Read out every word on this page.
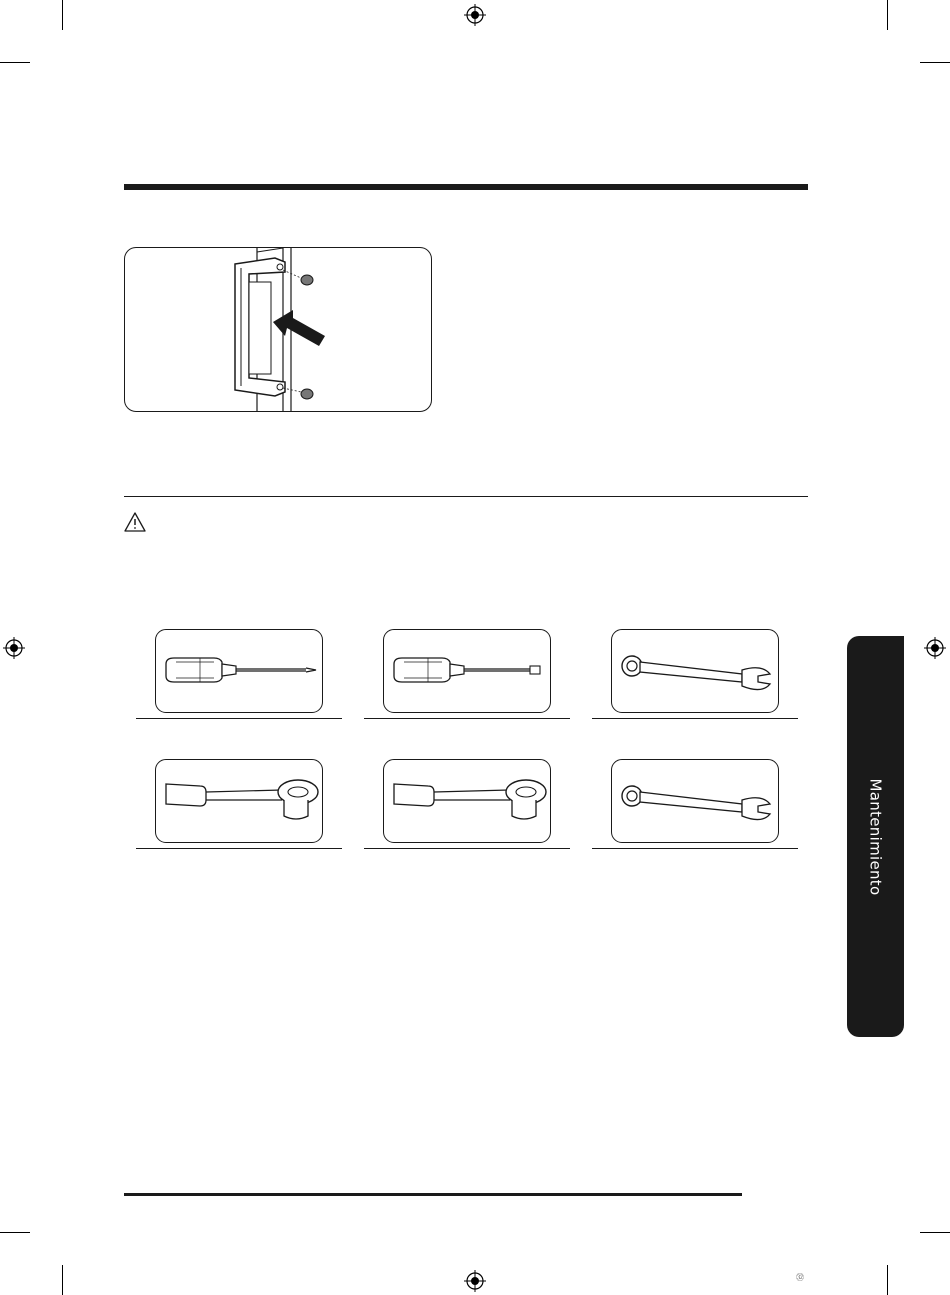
Mantenimiento
㉜
